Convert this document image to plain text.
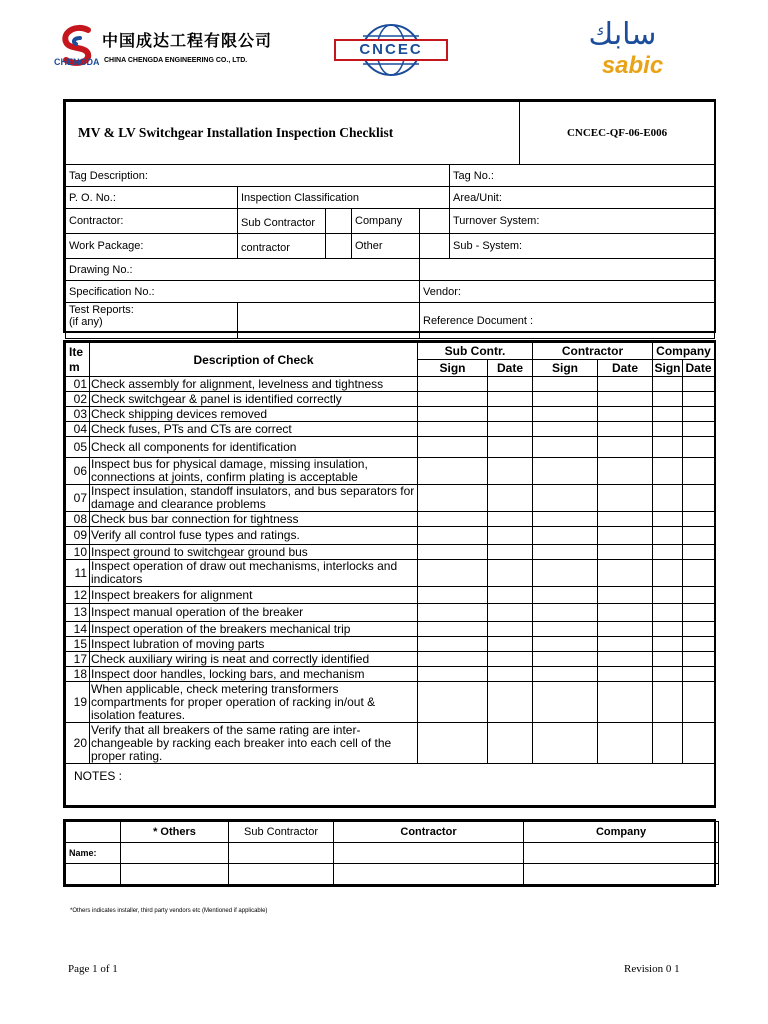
中国成达工程有限公司
CHENGDA CHINA CHENGDA ENGINEERING CO., LTD.
CNCEC	سابك
sabic
MV & LV Switchgear Installation Inspection Checklist						CNCEC-QF-06-E006
Tag Description:					Tag No.:	
P. O. No.:	Inspection Classification				Area/Unit:	
Contractor:	Sub Contractor		Company		Turnover System:	
Work Package:	contractor		Other		Sub - System:	
Drawing No.:						
Specification No.:				Vendor:		

Test Reports:
(if any)				Reference Document :		
Ite
m	Description of Check	Sub Contr.		Contractor		Company	
		Sign	Date	Sign	Date	Sign	Date
01	Check assembly for alignment, levelness and tightness						
02	Check switchgear & panel is identified correctly						
03	Check shipping devices removed						
04	Check fuses, PTs and CTs are correct						
05	Check all components for identification						
06	Inspect bus for physical damage, missing insulation, connections at joints, confirm plating is acceptable						
07	Inspect insulation, standoff insulators, and bus separators for damage and clearance problems						
08	Check bus bar connection for tightness						
09	Verify all control fuse types and ratings.						
10	Inspect ground to switchgear ground bus						
11	Inspect operation of draw out mechanisms, interlocks and indicators						
12	Inspect breakers for alignment						
13	Inspect manual operation of the breaker						
14	Inspect operation of the breakers mechanical trip						
15	Inspect lubration of moving parts						
17	Check auxiliary wiring is neat and correctly identified						
18	Inspect door handles, locking bars, and mechanism						
19	When applicable, check metering transformers compartments for proper operation of racking in/out & isolation features.						
20	Verify that all breakers of the same rating are inter-changeable by racking each breaker into each cell of the proper rating.						
NOTES :							
	* Others	Sub Contractor	Contractor	Company
Name:				

*Others indicates installer, third party vendors etc (Mentioned if applicable)
Page 1 of 1	Revision 0 1
